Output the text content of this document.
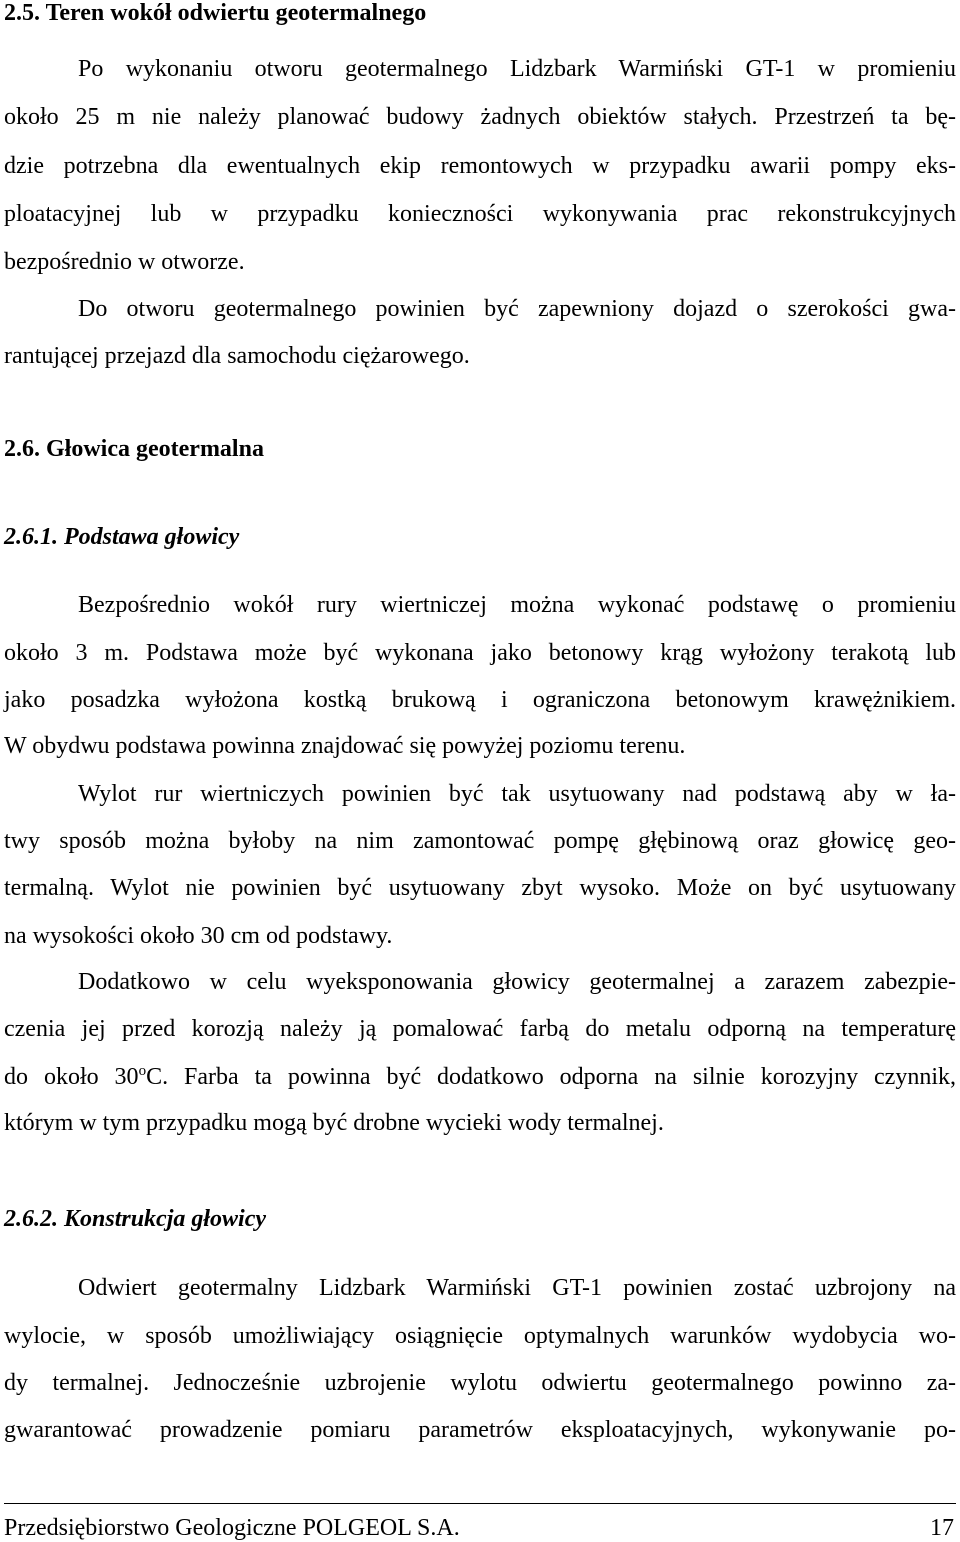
2.5. Teren wokół odwiertu geotermalnego

Po wykonaniu otworu geotermalnego Lidzbark Warmiński GT-1 w promieniu

około 25 m nie należy planować budowy żadnych obiektów stałych. Przestrzeń ta bę-

dzie potrzebna dla ewentualnych ekip remontowych w przypadku awarii pompy eks-

ploatacyjnej lub w przypadku konieczności wykonywania prac rekonstrukcyjnych

bezpośrednio w otworze.

Do otworu geotermalnego powinien być zapewniony dojazd o szerokości gwa-

rantującej przejazd dla samochodu ciężarowego.

2.6. Głowica geotermalna
2.6.1. Podstawa głowicy

Bezpośrednio wokół rury wiertniczej można wykonać podstawę o promieniu

około 3 m. Podstawa może być wykonana jako betonowy krąg wyłożony terakotą lub

jako posadzka wyłożona kostką brukową i ograniczona betonowym krawężnikiem.

W obydwu podstawa powinna znajdować się powyżej poziomu terenu.

Wylot rur wiertniczych powinien być tak usytuowany nad podstawą aby w ła-

twy sposób można byłoby na nim zamontować pompę głębinową oraz głowicę geo-

termalną. Wylot nie powinien być usytuowany zbyt wysoko. Może on być usytuowany

na wysokości około 30 cm od podstawy.

Dodatkowo w celu wyeksponowania głowicy geotermalnej a zarazem zabezpie-

czenia jej przed korozją należy ją pomalować farbą do metalu odporną na temperaturę

do około 30$^o$C. Farba ta powinna być dodatkowo odporna na silnie korozyjny czynnik,

którym w tym przypadku mogą być drobne wycieki wody termalnej.

2.6.2. Konstrukcja głowicy

Odwiert geotermalny Lidzbark Warmiński GT-1 powinien zostać uzbrojony na

wylocie, w sposób umożliwiający osiągnięcie optymalnych warunków wydobycia wo-

dy termalnej. Jednocześnie uzbrojenie wylotu odwiertu geotermalnego powinno za-

gwarantować prowadzenie pomiaru parametrów eksploatacyjnych, wykonywanie po-

Przedsiębiorstwo Geologiczne POLGEOL S.A.	17
